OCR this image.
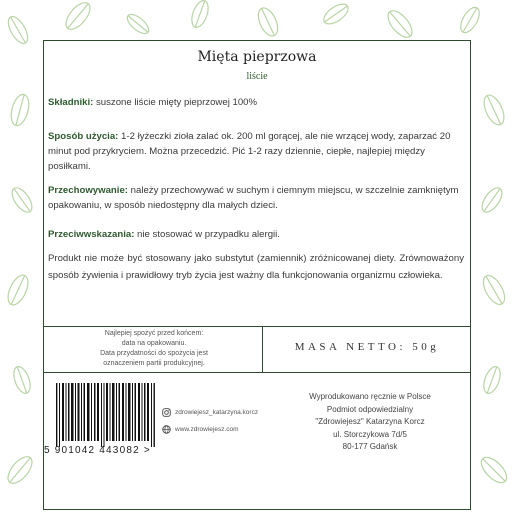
Mięta pieprzowa
liście
Składniki: suszone liście mięty pieprzowej 100%
Sposób użycia: 1-2 łyżeczki zioła zalać ok. 200 ml gorącej, ale nie wrzącej wody, zaparzać 20 minut pod przykryciem. Można przecedzić. Pić 1-2 razy dziennie, ciepłe, najlepiej między posiłkami.
Przechowywanie: należy przechowywać w suchym i ciemnym miejscu, w szczelnie zamkniętym opakowaniu, w sposób niedostępny dla małych dzieci.
Przeciwwskazania: nie stosować w przypadku alergii.
Produkt nie może być stosowany jako substytut (zamiennik) zróżnicowanej diety. Zrównoważony sposób żywienia i prawidłowy tryb życia jest ważny dla funkcjonowania organizmu człowieka.
Najlepiej spożyć przed końcem:
data na opakowaniu.
Data przydatności do spożycia jest
oznaczeniem partii produkcyjnej.
MASA NETTO: 50g
5 901042 443082 >
zdrowiejesz_katarzyna.korcz
www.zdrowiejesz.com
Wyprodukowano ręcznie w Polsce
Podmiot odpowiedzialny
"Zdrowiejesz" Katarzyna Korcz
ul. Storczykowa 7d/5
80-177 Gdańsk
